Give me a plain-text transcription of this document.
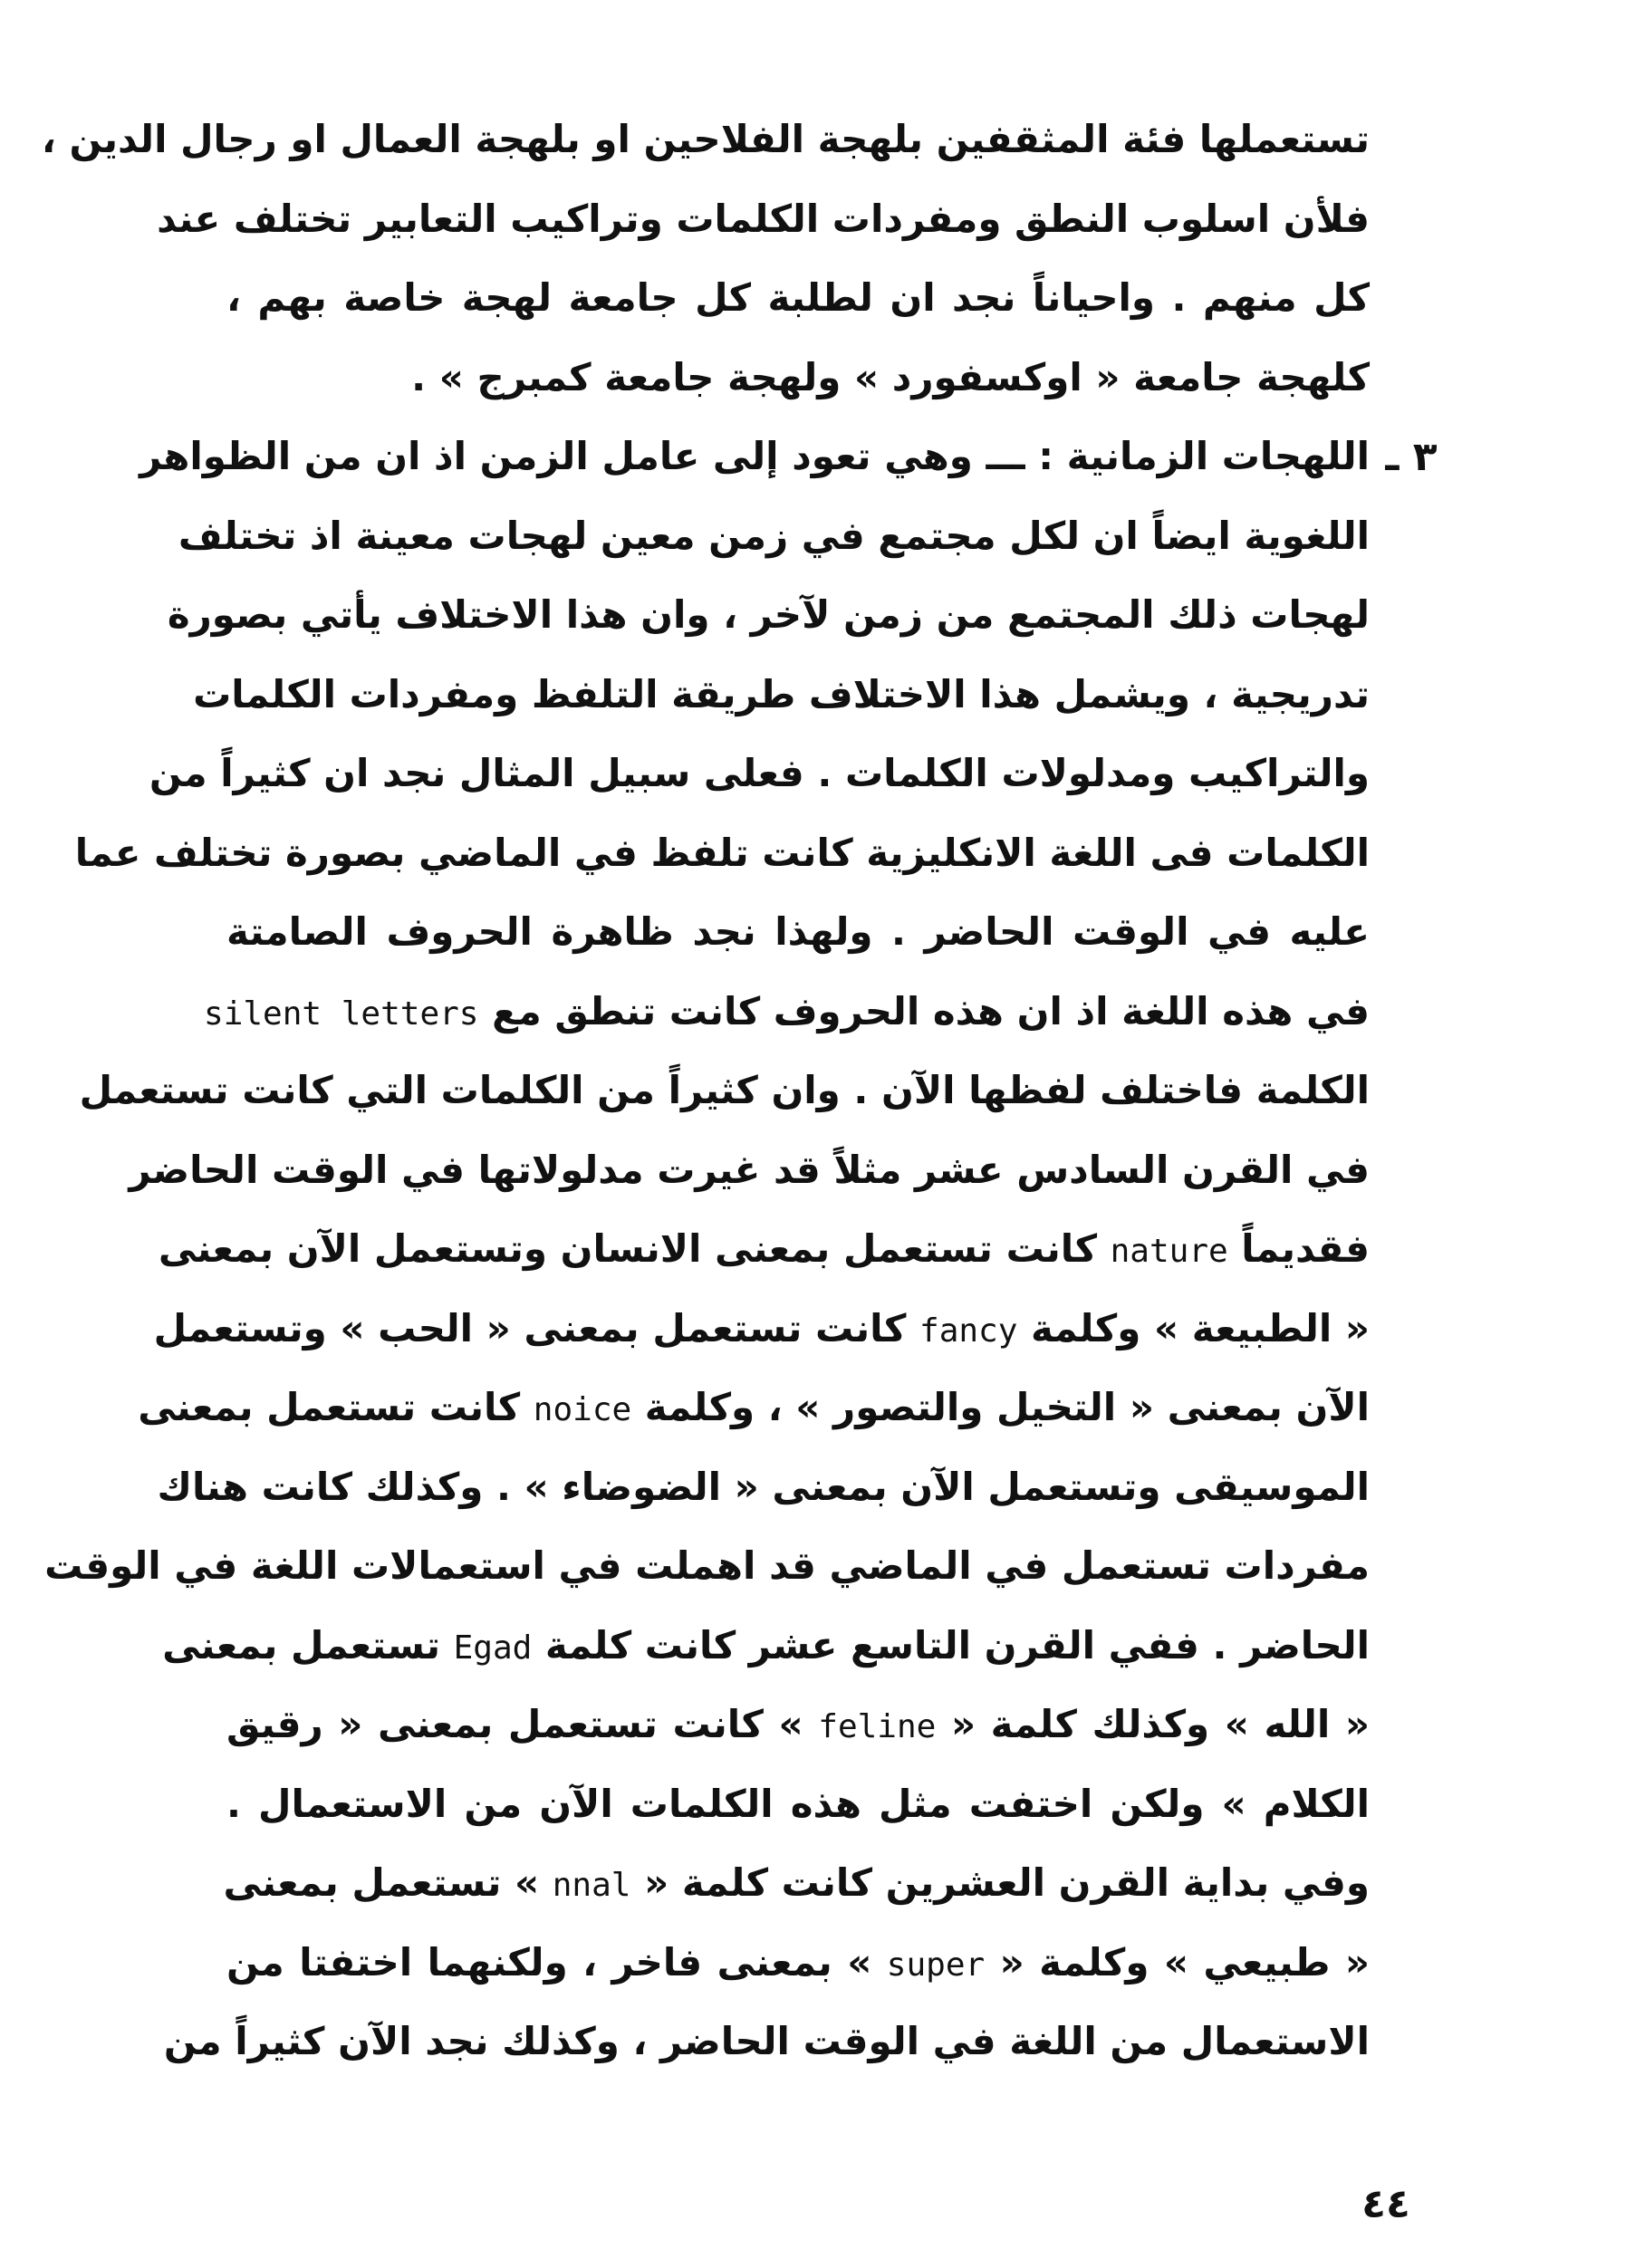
تستعملها فئة المثقفين بلهجة الفلاحين او بلهجة العمال او رجال الدين ،
فلأن اسلوب النطق ومفردات الكلمات وتراكيب التعابير تختلف عند
كل منهم . واحياناً نجد ان لطلبة كل جامعة لهجة خاصة بهم ،
كلهجة جامعة « اوكسفورد » ولهجة جامعة كمبرج » .
٣ ـ
اللهجات الزمانية : ـــ وهي تعود إلى عامل الزمن اذ ان من الظواهر
اللغوية ايضاً ان لكل مجتمع في زمن معين لهجات معينة اذ تختلف
لهجات ذلك المجتمع من زمن لآخر ، وان هذا الاختلاف يأتي بصورة
تدريجية ، ويشمل هذا الاختلاف طريقة التلفظ ومفردات الكلمات
والتراكيب ومدلولات الكلمات . فعلى سبيل المثال نجد ان كثيراً من
الكلمات فى اللغة الانكليزية كانت تلفظ في الماضي بصورة تختلف عما
عليه في الوقت الحاضر . ولهذا نجد ظاهرة الحروف الصامتة
في هذه اللغة اذ ان هذه الحروف كانت تنطق مع silent letters
الكلمة فاختلف لفظها الآن . وان كثيراً من الكلمات التي كانت تستعمل
في القرن السادس عشر مثلاً قد غيرت مدلولاتها في الوقت الحاضر
فقديماً nature كانت تستعمل بمعنى الانسان وتستعمل الآن بمعنى
« الطبيعة » وكلمة fancy كانت تستعمل بمعنى « الحب » وتستعمل
الآن بمعنى « التخيل والتصور » ، وكلمة noice كانت تستعمل بمعنى
الموسيقى وتستعمل الآن بمعنى « الضوضاء » . وكذلك كانت هناك
مفردات تستعمل في الماضي قد اهملت في استعمالات اللغة في الوقت
الحاضر . ففي القرن التاسع عشر كانت كلمة Egad تستعمل بمعنى
« الله » وكذلك كلمة « feline » كانت تستعمل بمعنى « رقيق
الكلام » ولكن اختفت مثل هذه الكلمات الآن من الاستعمال .
وفي بداية القرن العشرين كانت كلمة « nnal » تستعمل بمعنى
« طبيعي » وكلمة « super » بمعنى فاخر ، ولكنهما اختفتا من
الاستعمال من اللغة في الوقت الحاضر ، وكذلك نجد الآن كثيراً من
٤٤
